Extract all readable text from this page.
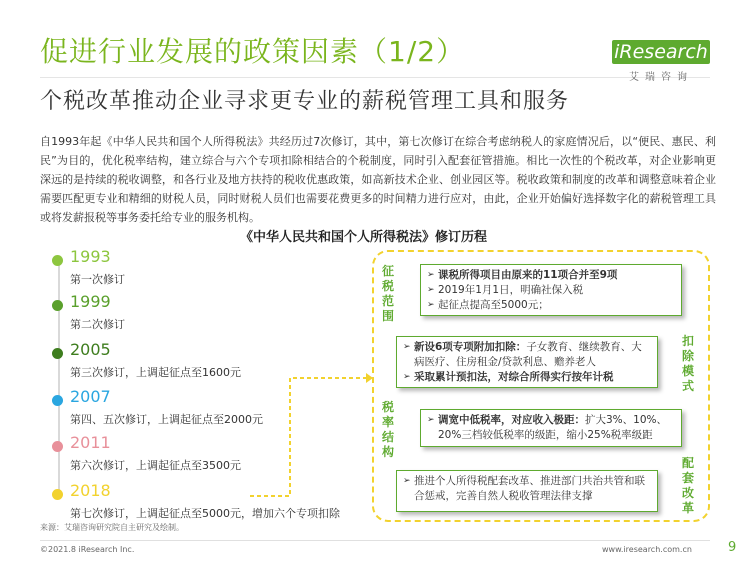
促进行业发展的政策因素（1/2）
个税改革推动企业寻求更专业的薪税管理工具和服务
iResearch
艾瑞咨询
自1993年起《中华人民共和国个人所得税法》共经历过7次修订，其中，第七次修订在综合考虑纳税人的家庭情况后，以“便民、惠民、利民”为目的，优化税率结构，建立综合与六个专项扣除相结合的个税制度，同时引入配套征管措施。相比一次性的个税改革，对企业影响更深远的是持续的税收调整，和各行业及地方扶持的税收优惠政策，如高新技术企业、创业园区等。税收政策和制度的改革和调整意味着企业需要匹配更专业和精细的财税人员，同时财税人员们也需要花费更多的时间精力进行应对，由此，企业开始偏好选择数字化的薪税管理工具或将发薪报税等事务委托给专业的服务机构。
《中华人民共和国个人所得税法》修订历程
1993
第一次修订
1999
第二次修订
2005
第三次修订，上调起征点至1600元
2007
第四、五次修订，上调起征点至2000元
2011
第六次修订，上调起征点至3500元
2018
第七次修订，上调起征点至5000元，增加六个专项扣除
征税范围
扣除模式
税率结构
配套改革
➢ 课税所得项目由原来的11项合并至9项
➢ 2019年1月1日，明确社保入税
➢ 起征点提高至5000元；
➢ 新设6项专项附加扣除：子女教育、继续教育、大病医疗、住房租金/贷款利息、赡养老人
➢ 采取累计预扣法，对综合所得实行按年计税
➢ 调宽中低税率，对应收入极距：扩大3%、10%、20%三档较低税率的级距，缩小25%税率级距
➢ 推进个人所得税配套改革、推进部门共治共管和联合惩戒，完善自然人税收管理法律支撑
来源：艾瑞咨询研究院自主研究及绘制。
©2021.8 iResearch Inc.	www.iresearch.com.cn	9
